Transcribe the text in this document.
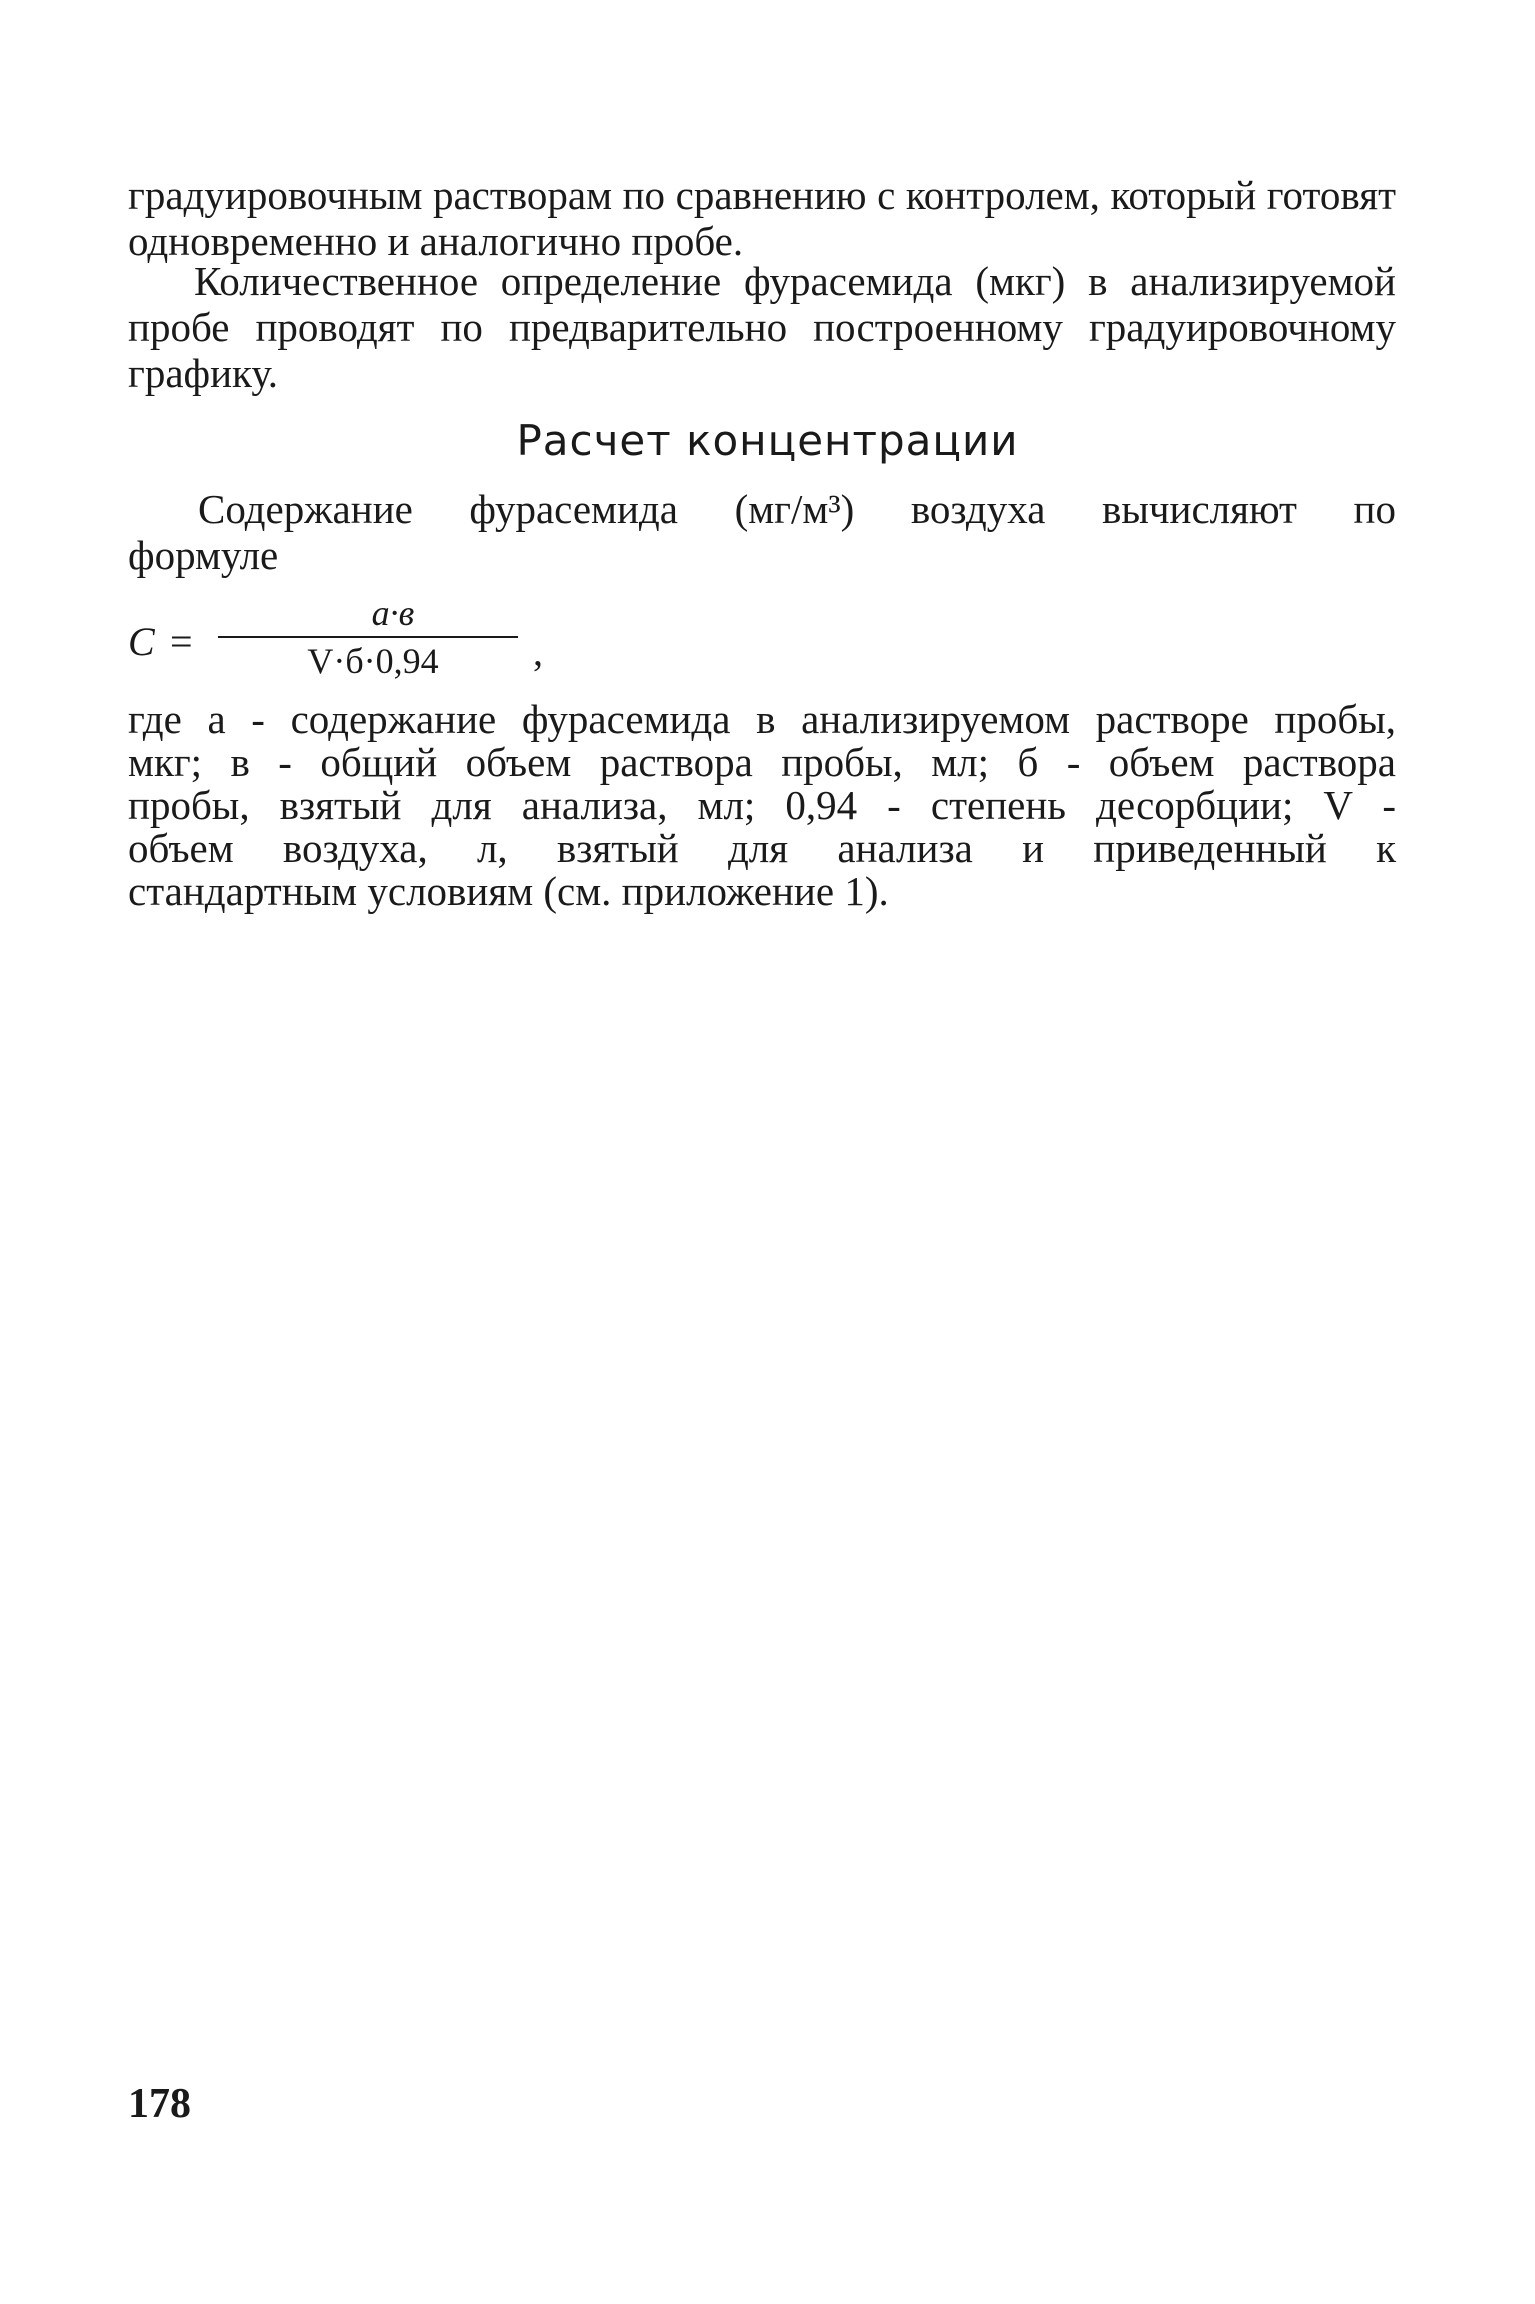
градуировочным растворам по сравнению с контролем, который готовят одновременно и аналогично пробе.
Количественное определение фурасемида (мкг) в анализируемой пробе проводят по предварительно построенному градуировочному графику.
Расчет концентрации
Содержание фурасемида (мг/м³) воздуха вычисляют по
формуле
C =
a·в
V·б·0,94	,
где a - содержание фурасемида в анализируемом растворе пробы,
мкг; в - общий объем раствора пробы, мл; б - объем раствора
пробы, взятый для анализа, мл; 0,94 - степень десорбции; V -
объем воздуха, л, взятый для анализа и приведенный к
стандартным условиям (см. приложение 1).
178
